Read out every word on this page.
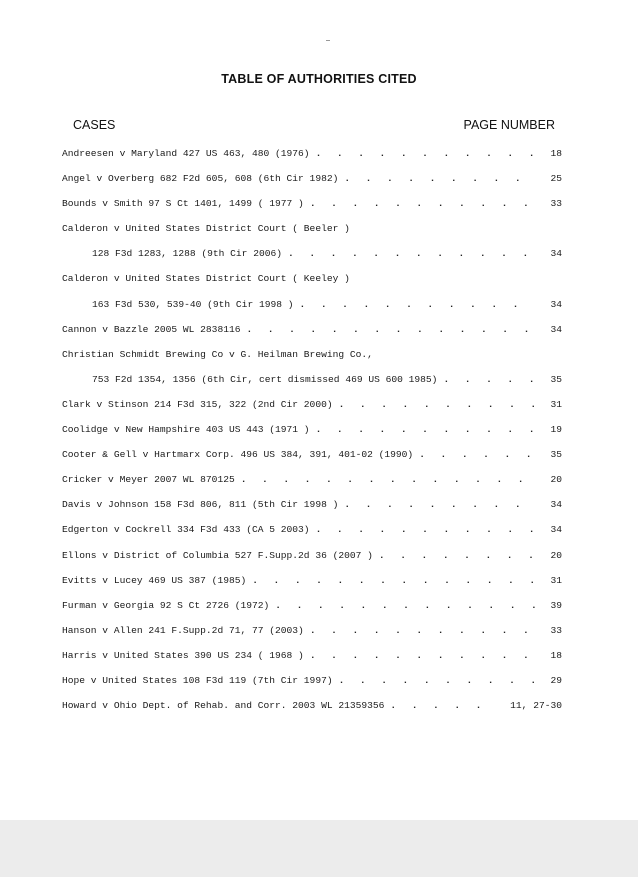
TABLE OF AUTHORITIES CITED
CASES	PAGE NUMBER
Andreesen v Maryland 427 US 463, 480 (1976) . . .	18
Angel v Overberg 682 F2d 605, 608 (6th Cir 1982) . . .	25
Bounds v Smith 97 S Ct 1401, 1499 ( 1977 ) . . .	33
Calderon v United States District Court ( Beeler )
128 F3d 1283, 1288 (9th Cir 2006) . . .	34
Calderon v United States District Court ( Keeley )
163 F3d 530, 539-40 (9th Cir 1998 ) . . .	34
Cannon v Bazzle 2005 WL 2838116 . . .	34
Christian Schmidt Brewing Co v G. Heilman Brewing Co.,
753 F2d 1354, 1356 (6th Cir, cert dismissed 469 US 600 1985) . . .	35
Clark v Stinson 214 F3d 315, 322 (2nd Cir 2000) . . .	31
Coolidge v New Hampshire 403 US 443 (1971 ) . . .	19
Cooter & Gell v Hartmarx Corp. 496 US 384, 391, 401-02 (1990) . . .	35
Cricker v Meyer 2007 WL 870125 . . .	20
Davis v Johnson 158 F3d 806, 811 (5th Cir 1998 ) . . .	34
Edgerton v Cockrell 334 F3d 433 (CA 5 2003) . . .	34
Ellons v District of Columbia 527 F.Supp.2d 36 (2007 ) . . .	20
Evitts v Lucey 469 US 387 (1985) . . .	31
Furman v Georgia 92 S Ct 2726 (1972) . . .	39
Hanson v Allen 241 F.Supp.2d 71, 77 (2003) . . .	33
Harris v United States 390 US 234 ( 1968 ) . . .	18
Hope v United States 108 F3d 119 (7th Cir 1997) . . .	29
Howard v Ohio Dept. of Rehab. and Corr. 2003 WL 21359356 . . .	11, 27-30
